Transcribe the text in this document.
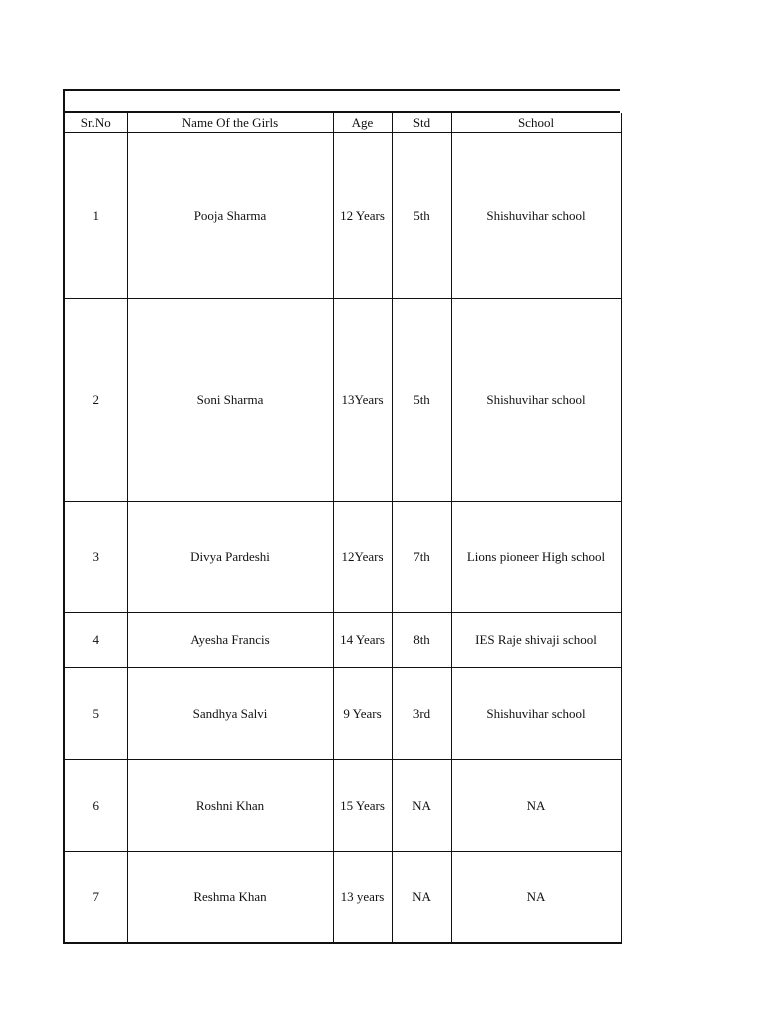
Sr.No	Name Of the Girls	Age	Std	School
1	Pooja Sharma	12 Years	5th	Shishuvihar school
2	Soni Sharma	13Years	5th	Shishuvihar school
3	Divya Pardeshi	12Years	7th	Lions pioneer High school
4	Ayesha Francis	14 Years	8th	IES Raje shivaji school
5	Sandhya Salvi	9 Years	3rd	Shishuvihar school
6	Roshni Khan	15 Years	NA	NA
7	Reshma Khan	13 years	NA	NA
